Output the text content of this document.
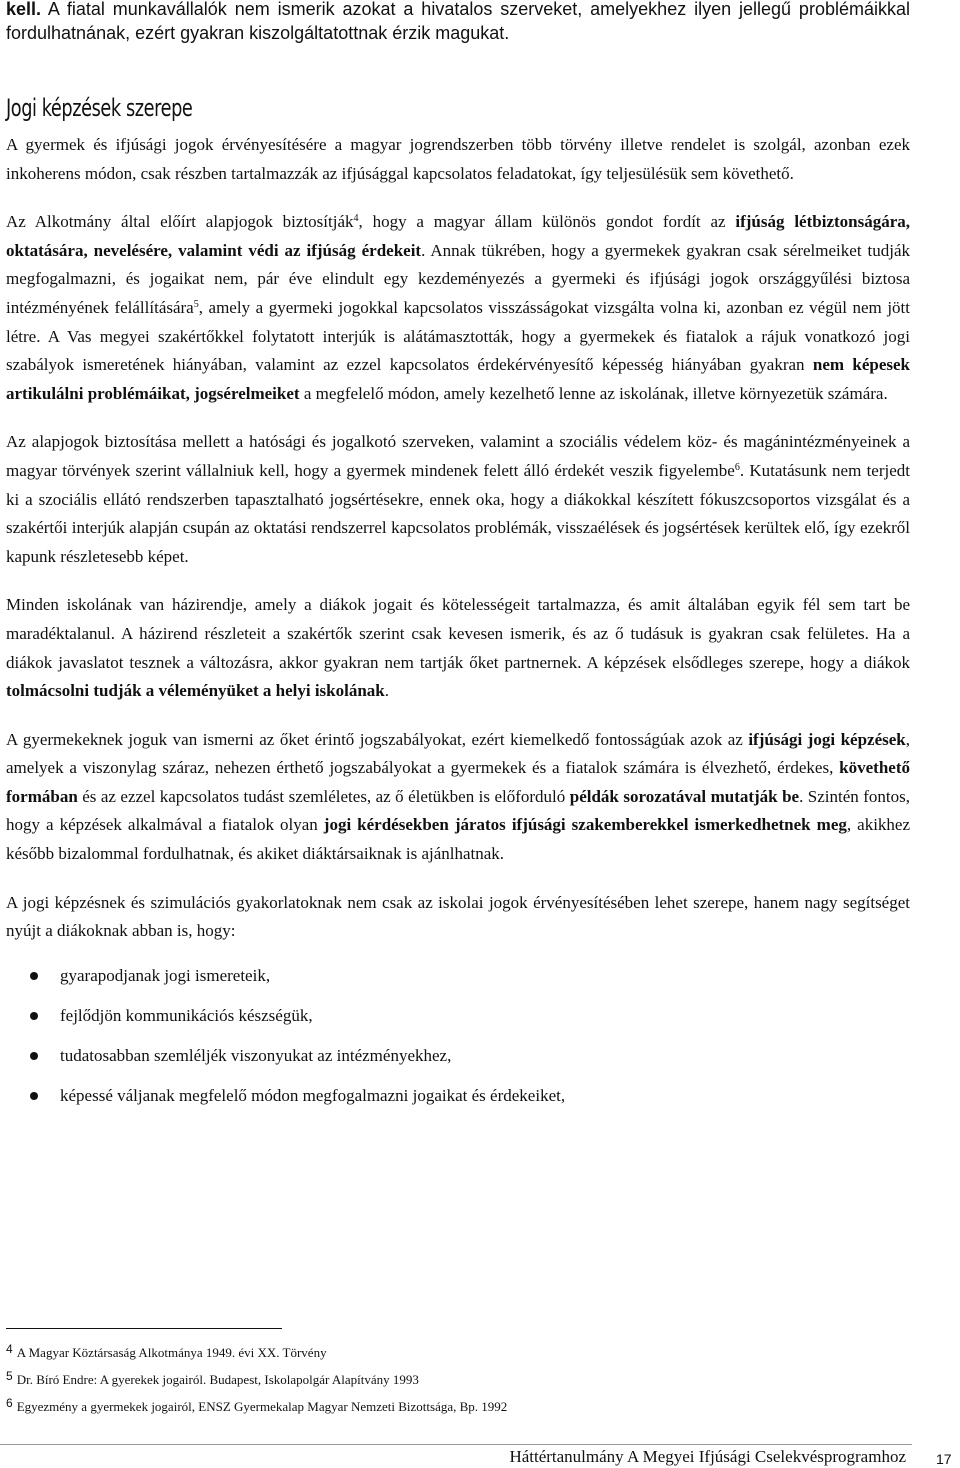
kell. A fiatal munkavállalók nem ismerik azokat a hivatalos szerveket, amelyekhez ilyen jellegű problémáikkal fordulhatnának, ezért gyakran kiszolgáltatottnak érzik magukat.
Jogi képzések szerepe

A gyermek és ifjúsági jogok érvényesítésére a magyar jogrendszerben több törvény illetve rendelet is szolgál, azonban ezek inkoherens módon, csak részben tartalmazzák az ifjúsággal kapcsolatos feladatokat, így teljesülésük sem követhető.

Az Alkotmány által előírt alapjogok biztosítják$^4$, hogy a magyar állam különös gondot fordít az ifjúság létbiztonságára, oktatására, nevelésére, valamint védi az ifjúság érdekeit. Annak tükrében, hogy a gyermekek gyakran csak sérelmeiket tudják megfogalmazni, és jogaikat nem, pár éve elindult egy kezdeményezés a gyermeki és ifjúsági jogok országgyűlési biztosa intézményének felállítására$^5$, amely a gyermeki jogokkal kapcsolatos visszásságokat vizsgálta volna ki, azonban ez végül nem jött létre. A Vas megyei szakértőkkel folytatott interjúk is alátámasztották, hogy a gyermekek és fiatalok a rájuk vonatkozó jogi szabályok ismeretének hiányában, valamint az ezzel kapcsolatos érdekérvényesítő képesség hiányában gyakran nem képesek artikulálni problémáikat, jogsérelmeiket a megfelelő módon, amely kezelhető lenne az iskolának, illetve környezetük számára.

Az alapjogok biztosítása mellett a hatósági és jogalkotó szerveken, valamint a szociális védelem köz- és magánintézményeinek a magyar törvények szerint vállalniuk kell, hogy a gyermek mindenek felett álló érdekét veszik figyelembe$^6$. Kutatásunk nem terjedt ki a szociális ellátó rendszerben tapasztalható jogsértésekre, ennek oka, hogy a diákokkal készített fókuszcsoportos vizsgálat és a szakértői interjúk alapján csupán az oktatási rendszerrel kapcsolatos problémák, visszaélések és jogsértések kerültek elő, így ezekről kapunk részletesebb képet.

Minden iskolának van házirendje, amely a diákok jogait és kötelességeit tartalmazza, és amit általában egyik fél sem tart be maradéktalanul. A házirend részleteit a szakértők szerint csak kevesen ismerik, és az ő tudásuk is gyakran csak felületes. Ha a diákok javaslatot tesznek a változásra, akkor gyakran nem tartják őket partnernek. A képzések elsődleges szerepe, hogy a diákok tolmácsolni tudják a véleményüket a helyi iskolának.

A gyermekeknek joguk van ismerni az őket érintő jogszabályokat, ezért kiemelkedő fontosságúak azok az ifjúsági jogi képzések, amelyek a viszonylag száraz, nehezen érthető jogszabályokat a gyermekek és a fiatalok számára is élvezhető, érdekes, követhető formában és az ezzel kapcsolatos tudást szemléletes, az ő életükben is előforduló példák sorozatával mutatják be. Szintén fontos, hogy a képzések alkalmával a fiatalok olyan jogi kérdésekben járatos ifjúsági szakemberekkel ismerkedhetnek meg, akikhez később bizalommal fordulhatnak, és akiket diáktársaiknak is ajánlhatnak.

A jogi képzésnek és szimulációs gyakorlatoknak nem csak az iskolai jogok érvényesítésében lehet szerepe, hanem nagy segítséget nyújt a diákoknak abban is, hogy:

gyarapodjanak jogi ismereteik,
fejlődjön kommunikációs készségük,
tudatosabban szemléljék viszonyukat az intézményekhez,
képessé váljanak megfelelő módon megfogalmazni jogaikat és érdekeiket,
4 A Magyar Köztársaság Alkotmánya 1949. évi XX. Törvény
5 Dr. Bíró Endre: A gyerekek jogairól. Budapest, Iskolapolgár Alapítvány 1993
6 Egyezmény a gyermekek jogairól, ENSZ Gyermekalap Magyar Nemzeti Bizottsága, Bp. 1992
Háttértanulmány A Megyei Ifjúsági Cselekvésprogramhoz 17
